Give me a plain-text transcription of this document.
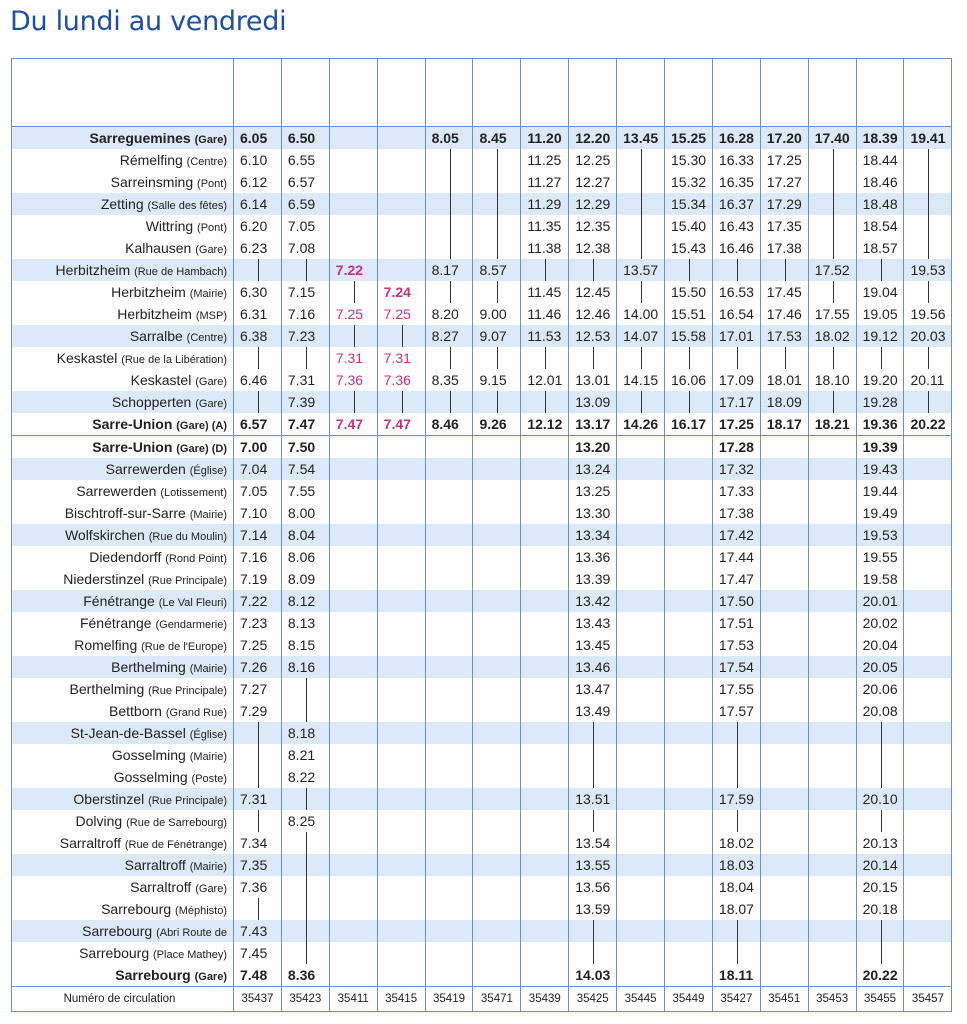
Du lundi au vendredi

Sarreguemines (Gare)	6.05	6.50			8.05	8.45	11.20	12.20	13.45	15.25	16.28	17.20	17.40	18.39	19.41
Rémelfing (Centre)	6.10	6.55					11.25	12.25		15.30	16.33	17.25		18.44	
Sarreinsming (Pont)	6.12	6.57					11.27	12.27		15.32	16.35	17.27		18.46	
Zetting (Salle des fêtes)	6.14	6.59					11.29	12.29		15.34	16.37	17.29		18.48	
Wittring (Pont)	6.20	7.05					11.35	12.35		15.40	16.43	17.35		18.54	
Kalhausen (Gare)	6.23	7.08					11.38	12.38		15.43	16.46	17.38		18.57	
Herbitzheim (Rue de Hambach)			7.22		8.17	8.57			13.57				17.52		19.53
Herbitzheim (Mairie)	6.30	7.15		7.24			11.45	12.45		15.50	16.53	17.45		19.04	
Herbitzheim (MSP)	6.31	7.16	7.25	7.25	8.20	9.00	11.46	12.46	14.00	15.51	16.54	17.46	17.55	19.05	19.56
Sarralbe (Centre)	6.38	7.23			8.27	9.07	11.53	12.53	14.07	15.58	17.01	17.53	18.02	19.12	20.03
Keskastel (Rue de la Libération)			7.31	7.31											
Keskastel (Gare)	6.46	7.31	7.36	7.36	8.35	9.15	12.01	13.01	14.15	16.06	17.09	18.01	18.10	19.20	20.11
Schopperten (Gare)		7.39						13.09			17.17	18.09		19.28	
Sarre-Union (Gare) (A)	6.57	7.47	7.47	7.47	8.46	9.26	12.12	13.17	14.26	16.17	17.25	18.17	18.21	19.36	20.22
Sarre-Union (Gare) (D)	7.00	7.50						13.20			17.28			19.39	
Sarrewerden (Église)	7.04	7.54						13.24			17.32			19.43	
Sarrewerden (Lotissement)	7.05	7.55						13.25			17.33			19.44	
Bischtroff-sur-Sarre (Mairie)	7.10	8.00						13.30			17.38			19.49	
Wolfskirchen (Rue du Moulin)	7.14	8.04						13.34			17.42			19.53	
Diedendorff (Rond Point)	7.16	8.06						13.36			17.44			19.55	
Niederstinzel (Rue Principale)	7.19	8.09						13.39			17.47			19.58	
Fénétrange (Le Val Fleuri)	7.22	8.12						13.42			17.50			20.01	
Fénétrange (Gendarmerie)	7.23	8.13						13.43			17.51			20.02	
Romelfing (Rue de l'Europe)	7.25	8.15						13.45			17.53			20.04	
Berthelming (Mairie)	7.26	8.16						13.46			17.54			20.05	
Berthelming (Rue Principale)	7.27							13.47			17.55			20.06	
Bettborn (Grand Rue)	7.29							13.49			17.57			20.08	
St-Jean-de-Bassel (Église)		8.18													
Gosselming (Mairie)		8.21													
Gosselming (Poste)		8.22													
Oberstinzel (Rue Principale)	7.31							13.51			17.59			20.10	
Dolving (Rue de Sarrebourg)		8.25													
Sarraltroff (Rue de Fénétrange)	7.34							13.54			18.02			20.13	
Sarraltroff (Mairie)	7.35							13.55			18.03			20.14	
Sarraltroff (Gare)	7.36							13.56			18.04			20.15	
Sarrebourg (Méphisto)								13.59			18.07			20.18	
Sarrebourg (Abri Route de	7.43														
Sarrebourg (Place Mathey)	7.45														
Sarrebourg (Gare)	7.48	8.36						14.03			18.11			20.22	
Numéro de circulation	35437	35423	35411	35415	35419	35471	35439	35425	35445	35449	35427	35451	35453	35455	35457
